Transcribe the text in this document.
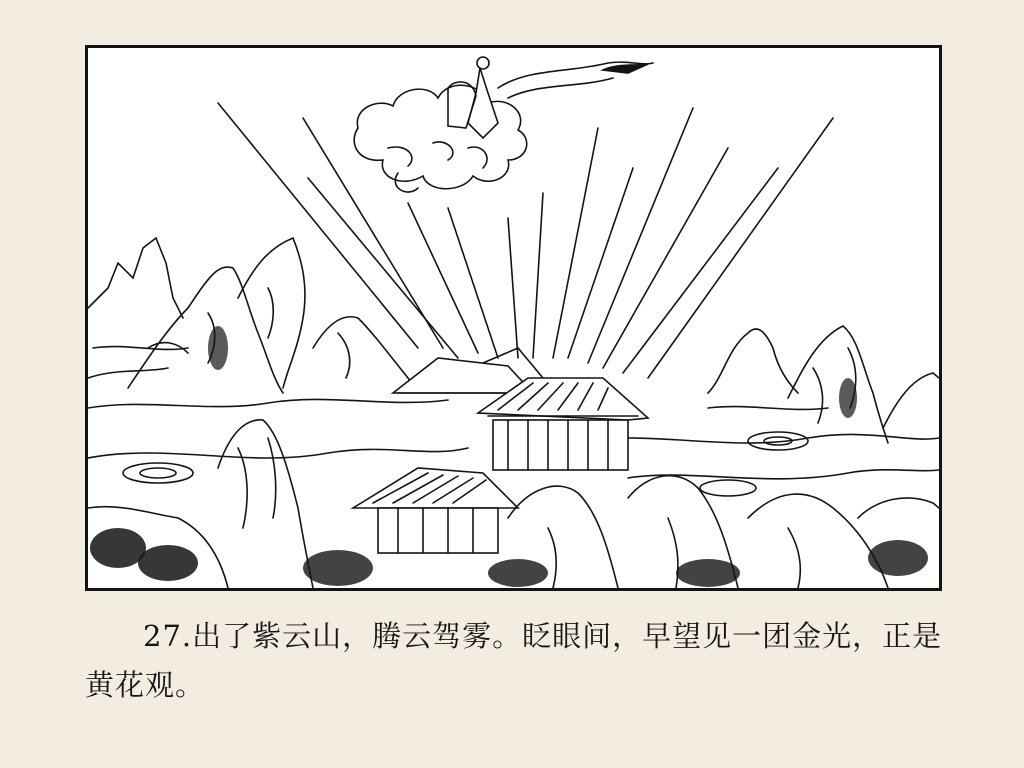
27.出了紫云山，腾云驾雾。眨眼间，早望见一团金光，正是黄花观。
